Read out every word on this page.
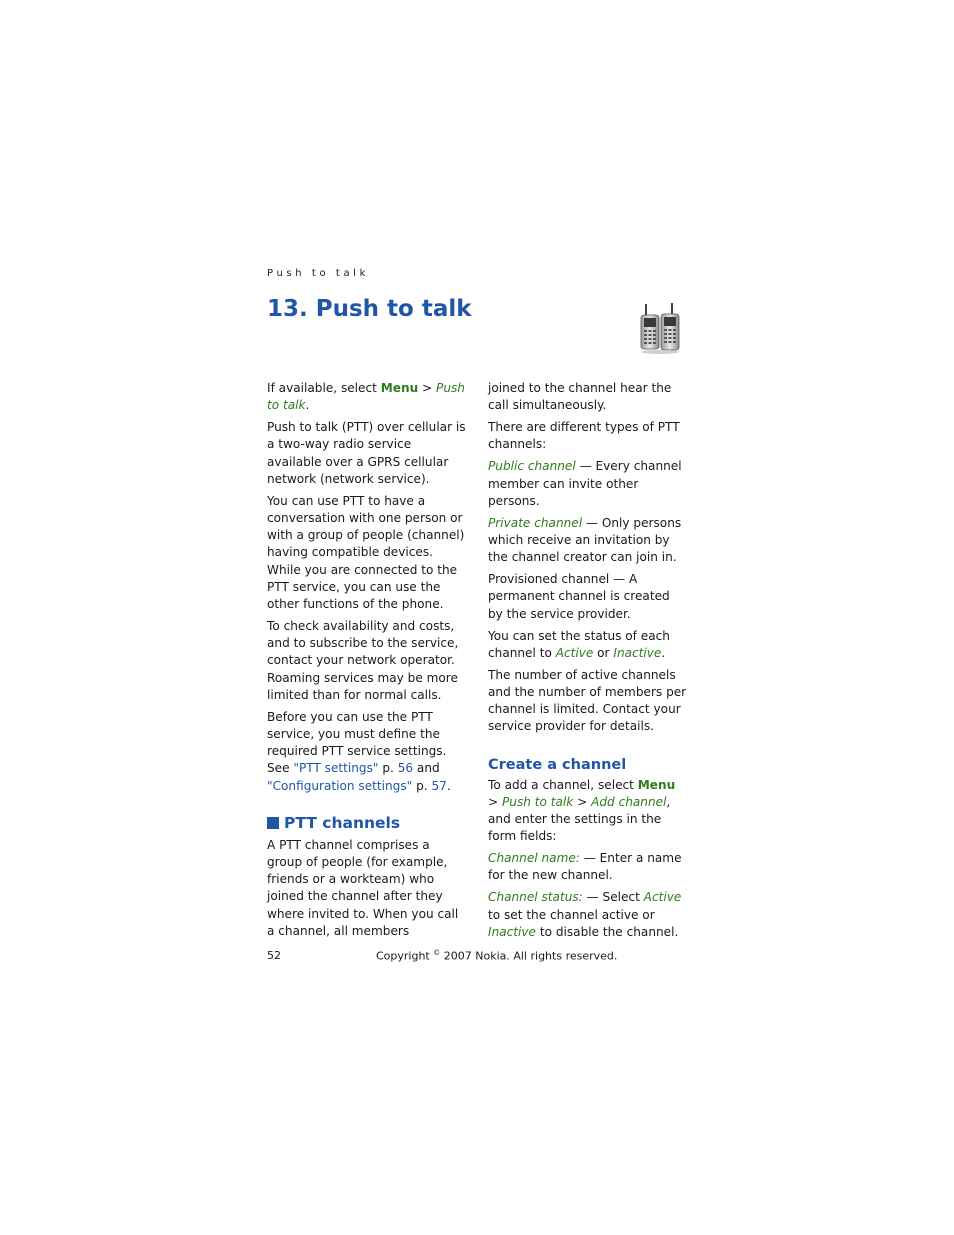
Push to talk
13. Push to talk

If available, select Menu > Push to talk.

Push to talk (PTT) over cellular is a two-way radio service available over a GPRS cellular network (network service).

You can use PTT to have a conversation with one person or with a group of people (channel) having compatible devices. While you are connected to the PTT service, you can use the other functions of the phone.

To check availability and costs, and to subscribe to the service, contact your network operator. Roaming services may be more limited than for normal calls.

Before you can use the PTT service, you must define the required PTT service settings. See "PTT settings" p. 56 and "Configuration settings" p. 57.

PTT channels

A PTT channel comprises a group of people (for example, friends or a workteam) who joined the channel after they where invited to. When you call a channel, all members

joined to the channel hear the call simultaneously.

There are different types of PTT channels:

Public channel — Every channel member can invite other persons.

Private channel — Only persons which receive an invitation by the channel creator can join in.

Provisioned channel — A permanent channel is created by the service provider.

You can set the status of each channel to Active or Inactive.

The number of active channels and the number of members per channel is limited. Contact your service provider for details.

Create a channel

To add a channel, select Menu > Push to talk > Add channel, and enter the settings in the form fields:

Channel name: — Enter a name for the new channel.

Channel status: — Select Active to set the channel active or Inactive to disable the channel.

52	Copyright © 2007 Nokia. All rights reserved.
